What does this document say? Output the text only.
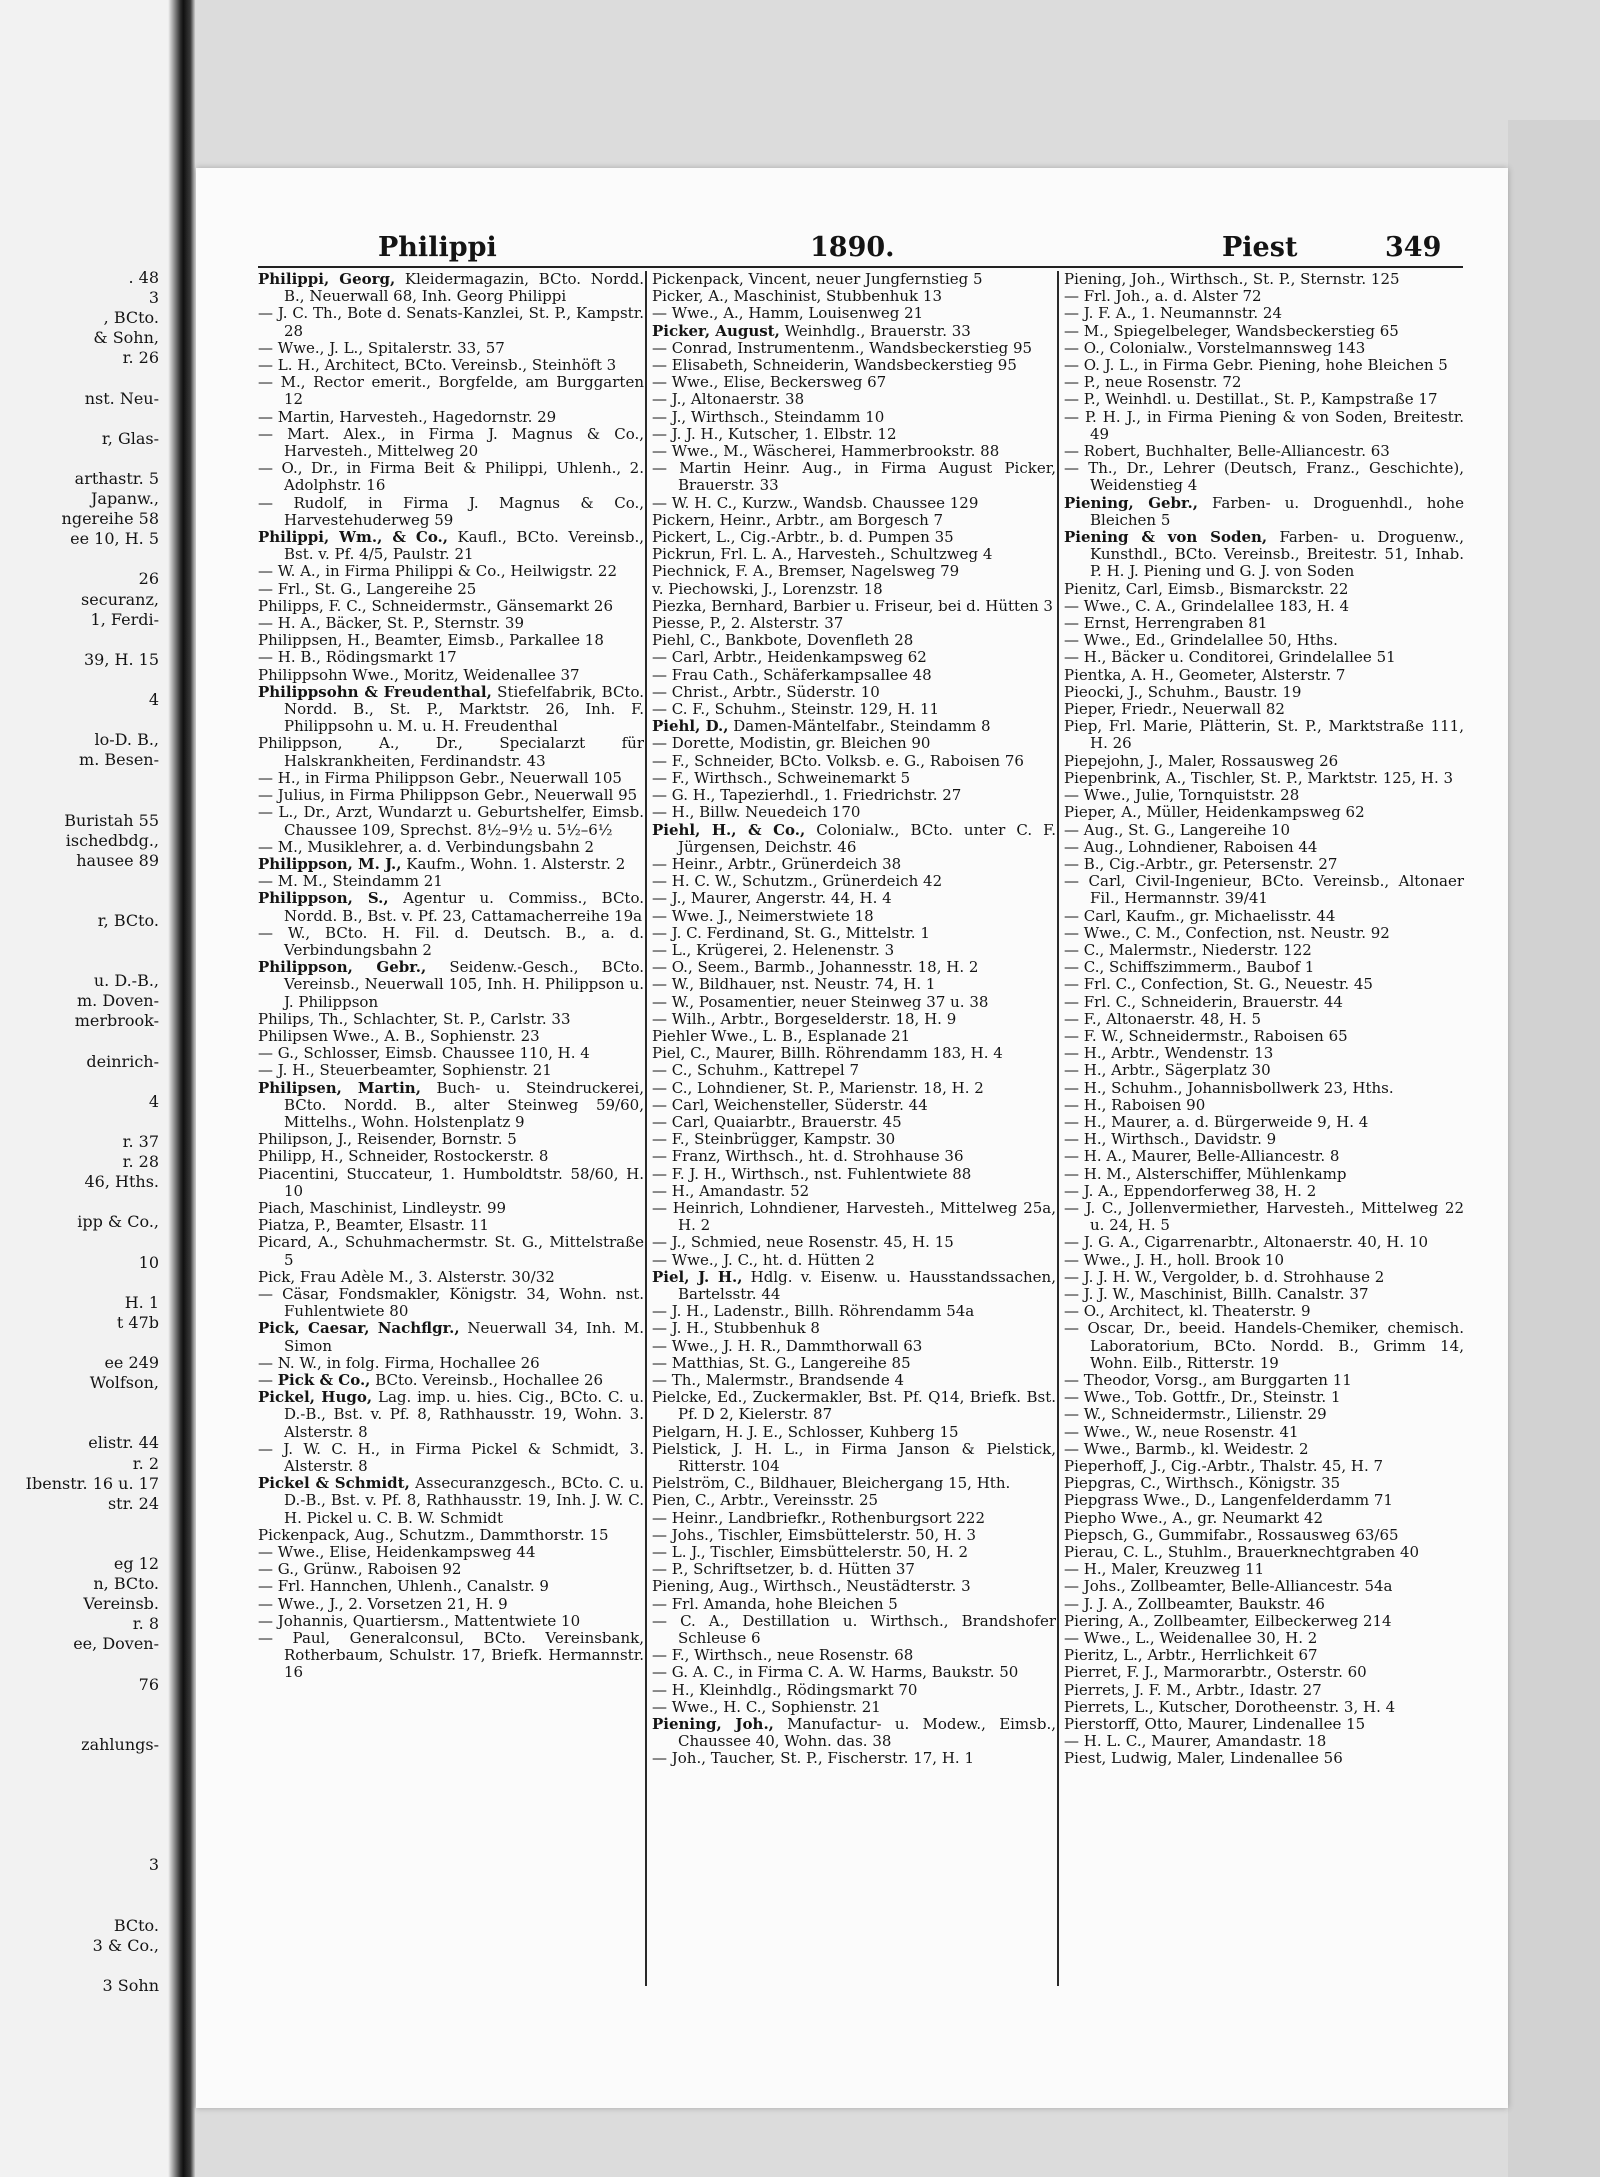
. 48
3
, BCto.
& Sohn,
r. 26

nst. Neu-

r, Glas-

arthastr. 5
Japanw.,
ngereihe 58
ee 10, H. 5

26
securanz,
1, Ferdi-

39, H. 15

4

lo-D. B.,
m. Besen-

Buristah 55
ischedbdg.,
hausee 89

r, BCto.

u. D.-B.,
m. Doven-
merbrook-

deinrich-

4

r. 37
r. 28
46, Hths.

ipp & Co.,

10

H. 1
t 47b

ee 249
Wolfson,

elistr. 44
r. 2
Ibenstr. 16 u. 17
str. 24

eg 12
n, BCto.
Vereinsb.
r. 8
ee, Doven-

76

zahlungs-

3

BCto.
3 & Co.,

3 Sohn

Philippi	1890.	Piest	349
Philippi, Georg, Kleidermagazin, BCto. Nordd. B., Neuerwall 68, Inh. Georg Philippi
— J. C. Th., Bote d. Senats-Kanzlei, St. P., Kampstr. 28
— Wwe., J. L., Spitalerstr. 33, 57
— L. H., Architect, BCto. Vereinsb., Steinhöft 3
— M., Rector emerit., Borgfelde, am Burggarten 12
— Martin, Harvesteh., Hagedornstr. 29
— Mart. Alex., in Firma J. Magnus & Co., Harvesteh., Mittelweg 20
— O., Dr., in Firma Beit & Philippi, Uhlenh., 2. Adolphstr. 16
— Rudolf, in Firma J. Magnus & Co., Harvestehuderweg 59
Philippi, Wm., & Co., Kaufl., BCto. Vereinsb., Bst. v. Pf. 4/5, Paulstr. 21
— W. A., in Firma Philippi & Co., Heilwigstr. 22
— Frl., St. G., Langereihe 25
Philipps, F. C., Schneidermstr., Gänsemarkt 26
— H. A., Bäcker, St. P., Sternstr. 39
Philippsen, H., Beamter, Eimsb., Parkallee 18
— H. B., Rödingsmarkt 17
Philippsohn Wwe., Moritz, Weidenallee 37
Philippsohn & Freudenthal, Stiefelfabrik, BCto. Nordd. B., St. P., Marktstr. 26, Inh. F. Philippsohn u. M. u. H. Freudenthal
Philippson, A., Dr., Specialarzt für Halskrankheiten, Ferdinandstr. 43
— H., in Firma Philippson Gebr., Neuerwall 105
— Julius, in Firma Philippson Gebr., Neuerwall 95
— L., Dr., Arzt, Wundarzt u. Geburtshelfer, Eimsb. Chaussee 109, Sprechst. 8½–9½ u. 5½–6½
— M., Musiklehrer, a. d. Verbindungsbahn 2
Philippson, M. J., Kaufm., Wohn. 1. Alsterstr. 2
— M. M., Steindamm 21
Philippson, S., Agentur u. Commiss., BCto. Nordd. B., Bst. v. Pf. 23, Cattamacherreihe 19a
— W., BCto. H. Fil. d. Deutsch. B., a. d. Verbindungsbahn 2
Philippson, Gebr., Seidenw.-Gesch., BCto. Vereinsb., Neuerwall 105, Inh. H. Philippson u. J. Philippson
Philips, Th., Schlachter, St. P., Carlstr. 33
Philipsen Wwe., A. B., Sophienstr. 23
— G., Schlosser, Eimsb. Chaussee 110, H. 4
— J. H., Steuerbeamter, Sophienstr. 21
Philipsen, Martin, Buch- u. Steindruckerei, BCto. Nordd. B., alter Steinweg 59/60, Mittelhs., Wohn. Holstenplatz 9
Philipson, J., Reisender, Bornstr. 5
Philipp, H., Schneider, Rostockerstr. 8
Piacentini, Stuccateur, 1. Humboldtstr. 58/60, H. 10
Piach, Maschinist, Lindleystr. 99
Piatza, P., Beamter, Elsastr. 11
Picard, A., Schuhmachermstr. St. G., Mittelstraße 5
Pick, Frau Adèle M., 3. Alsterstr. 30/32
— Cäsar, Fondsmakler, Königstr. 34, Wohn. nst. Fuhlentwiete 80
Pick, Caesar, Nachflgr., Neuerwall 34, Inh. M. Simon
— N. W., in folg. Firma, Hochallee 26
— Pick & Co., BCto. Vereinsb., Hochallee 26
Pickel, Hugo, Lag. imp. u. hies. Cig., BCto. C. u. D.-B., Bst. v. Pf. 8, Rathhausstr. 19, Wohn. 3. Alsterstr. 8
— J. W. C. H., in Firma Pickel & Schmidt, 3. Alsterstr. 8
Pickel & Schmidt, Assecuranzgesch., BCto. C. u. D.-B., Bst. v. Pf. 8, Rathhausstr. 19, Inh. J. W. C. H. Pickel u. C. B. W. Schmidt
Pickenpack, Aug., Schutzm., Dammthorstr. 15
— Wwe., Elise, Heidenkampsweg 44
— G., Grünw., Raboisen 92
— Frl. Hannchen, Uhlenh., Canalstr. 9
— Wwe., J., 2. Vorsetzen 21, H. 9
— Johannis, Quartiersm., Mattentwiete 10
— Paul, Generalconsul, BCto. Vereinsbank, Rotherbaum, Schulstr. 17, Briefk. Hermannstr. 16
Pickenpack, Vincent, neuer Jungfernstieg 5
Picker, A., Maschinist, Stubbenhuk 13
— Wwe., A., Hamm, Louisenweg 21
Picker, August, Weinhdlg., Brauerstr. 33
— Conrad, Instrumentenm., Wandsbeckerstieg 95
— Elisabeth, Schneiderin, Wandsbeckerstieg 95
— Wwe., Elise, Beckersweg 67
— J., Altonaerstr. 38
— J., Wirthsch., Steindamm 10
— J. J. H., Kutscher, 1. Elbstr. 12
— Wwe., M., Wäscherei, Hammerbrookstr. 88
— Martin Heinr. Aug., in Firma August Picker, Brauerstr. 33
— W. H. C., Kurzw., Wandsb. Chaussee 129
Pickern, Heinr., Arbtr., am Borgesch 7
Pickert, L., Cig.-Arbtr., b. d. Pumpen 35
Pickrun, Frl. L. A., Harvesteh., Schultzweg 4
Piechnick, F. A., Bremser, Nagelsweg 79
v. Piechowski, J., Lorenzstr. 18
Piezka, Bernhard, Barbier u. Friseur, bei d. Hütten 3
Piesse, P., 2. Alsterstr. 37
Piehl, C., Bankbote, Dovenfleth 28
— Carl, Arbtr., Heidenkampsweg 62
— Frau Cath., Schäferkampsallee 48
— Christ., Arbtr., Süderstr. 10
— C. F., Schuhm., Steinstr. 129, H. 11
Piehl, D., Damen-Mäntelfabr., Steindamm 8
— Dorette, Modistin, gr. Bleichen 90
— F., Schneider, BCto. Volksb. e. G., Raboisen 76
— F., Wirthsch., Schweinemarkt 5
— G. H., Tapezierhdl., 1. Friedrichstr. 27
— H., Billw. Neuedeich 170
Piehl, H., & Co., Colonialw., BCto. unter C. F. Jürgensen, Deichstr. 46
— Heinr., Arbtr., Grünerdeich 38
— H. C. W., Schutzm., Grünerdeich 42
— J., Maurer, Angerstr. 44, H. 4
— Wwe. J., Neimerstwiete 18
— J. C. Ferdinand, St. G., Mittelstr. 1
— L., Krügerei, 2. Helenenstr. 3
— O., Seem., Barmb., Johannesstr. 18, H. 2
— W., Bildhauer, nst. Neustr. 74, H. 1
— W., Posamentier, neuer Steinweg 37 u. 38
— Wilh., Arbtr., Borgeselderstr. 18, H. 9
Piehler Wwe., L. B., Esplanade 21
Piel, C., Maurer, Billh. Röhrendamm 183, H. 4
— C., Schuhm., Kattrepel 7
— C., Lohndiener, St. P., Marienstr. 18, H. 2
— Carl, Weichensteller, Süderstr. 44
— Carl, Quaiarbtr., Brauerstr. 45
— F., Steinbrügger, Kampstr. 30
— Franz, Wirthsch., ht. d. Strohhause 36
— F. J. H., Wirthsch., nst. Fuhlentwiete 88
— H., Amandastr. 52
— Heinrich, Lohndiener, Harvesteh., Mittelweg 25a, H. 2
— J., Schmied, neue Rosenstr. 45, H. 15
— Wwe., J. C., ht. d. Hütten 2
Piel, J. H., Hdlg. v. Eisenw. u. Hausstandssachen, Bartelsstr. 44
— J. H., Ladenstr., Billh. Röhrendamm 54a
— J. H., Stubbenhuk 8
— Wwe., J. H. R., Dammthorwall 63
— Matthias, St. G., Langereihe 85
— Th., Malermstr., Brandsende 4
Pielcke, Ed., Zuckermakler, Bst. Pf. Q14, Briefk. Bst. Pf. D 2, Kielerstr. 87
Pielgarn, H. J. E., Schlosser, Kuhberg 15
Pielstick, J. H. L., in Firma Janson & Pielstick, Ritterstr. 104
Pielström, C., Bildhauer, Bleichergang 15, Hth.
Pien, C., Arbtr., Vereinsstr. 25
— Heinr., Landbriefkr., Rothenburgsort 222
— Johs., Tischler, Eimsbüttelerstr. 50, H. 3
— L. J., Tischler, Eimsbüttelerstr. 50, H. 2
— P., Schriftsetzer, b. d. Hütten 37
Piening, Aug., Wirthsch., Neustädterstr. 3
— Frl. Amanda, hohe Bleichen 5
— C. A., Destillation u. Wirthsch., Brandshofer Schleuse 6
— F., Wirthsch., neue Rosenstr. 68
— G. A. C., in Firma C. A. W. Harms, Baukstr. 50
— H., Kleinhdlg., Rödingsmarkt 70
— Wwe., H. C., Sophienstr. 21
Piening, Joh., Manufactur- u. Modew., Eimsb., Chaussee 40, Wohn. das. 38
— Joh., Taucher, St. P., Fischerstr. 17, H. 1
Piening, Joh., Wirthsch., St. P., Sternstr. 125
— Frl. Joh., a. d. Alster 72
— J. F. A., 1. Neumannstr. 24
— M., Spiegelbeleger, Wandsbeckerstieg 65
— O., Colonialw., Vorstelmannsweg 143
— O. J. L., in Firma Gebr. Piening, hohe Bleichen 5
— P., neue Rosenstr. 72
— P., Weinhdl. u. Destillat., St. P., Kampstraße 17
— P. H. J., in Firma Piening & von Soden, Breitestr. 49
— Robert, Buchhalter, Belle-Alliancestr. 63
— Th., Dr., Lehrer (Deutsch, Franz., Geschichte), Weidenstieg 4
Piening, Gebr., Farben- u. Droguenhdl., hohe Bleichen 5
Piening & von Soden, Farben- u. Droguenw., Kunsthdl., BCto. Vereinsb., Breitestr. 51, Inhab. P. H. J. Piening und G. J. von Soden
Pienitz, Carl, Eimsb., Bismarckstr. 22
— Wwe., C. A., Grindelallee 183, H. 4
— Ernst, Herrengraben 81
— Wwe., Ed., Grindelallee 50, Hths.
— H., Bäcker u. Conditorei, Grindelallee 51
Pientka, A. H., Geometer, Alsterstr. 7
Pieocki, J., Schuhm., Baustr. 19
Pieper, Friedr., Neuerwall 82
Piep, Frl. Marie, Plätterin, St. P., Marktstraße 111, H. 26
Piepejohn, J., Maler, Rossausweg 26
Piepenbrink, A., Tischler, St. P., Marktstr. 125, H. 3
— Wwe., Julie, Tornquiststr. 28
Pieper, A., Müller, Heidenkampsweg 62
— Aug., St. G., Langereihe 10
— Aug., Lohndiener, Raboisen 44
— B., Cig.-Arbtr., gr. Petersenstr. 27
— Carl, Civil-Ingenieur, BCto. Vereinsb., Altonaer Fil., Hermannstr. 39/41
— Carl, Kaufm., gr. Michaelisstr. 44
— Wwe., C. M., Confection, nst. Neustr. 92
— C., Malermstr., Niederstr. 122
— C., Schiffszimmerm., Baubof 1
— Frl. C., Confection, St. G., Neuestr. 45
— Frl. C., Schneiderin, Brauerstr. 44
— F., Altonaerstr. 48, H. 5
— F. W., Schneidermstr., Raboisen 65
— H., Arbtr., Wendenstr. 13
— H., Arbtr., Sägerplatz 30
— H., Schuhm., Johannisbollwerk 23, Hths.
— H., Raboisen 90
— H., Maurer, a. d. Bürgerweide 9, H. 4
— H., Wirthsch., Davidstr. 9
— H. A., Maurer, Belle-Alliancestr. 8
— H. M., Alsterschiffer, Mühlenkamp
— J. A., Eppendorferweg 38, H. 2
— J. C., Jollenvermiether, Harvesteh., Mittelweg 22 u. 24, H. 5
— J. G. A., Cigarrenarbtr., Altonaerstr. 40, H. 10
— Wwe., J. H., holl. Brook 10
— J. J. H. W., Vergolder, b. d. Strohhause 2
— J. J. W., Maschinist, Billh. Canalstr. 37
— O., Architect, kl. Theaterstr. 9
— Oscar, Dr., beeid. Handels-Chemiker, chemisch. Laboratorium, BCto. Nordd. B., Grimm 14, Wohn. Eilb., Ritterstr. 19
— Theodor, Vorsg., am Burggarten 11
— Wwe., Tob. Gottfr., Dr., Steinstr. 1
— W., Schneidermstr., Lilienstr. 29
— Wwe., W., neue Rosenstr. 41
— Wwe., Barmb., kl. Weidestr. 2
Pieperhoff, J., Cig.-Arbtr., Thalstr. 45, H. 7
Piepgras, C., Wirthsch., Königstr. 35
Piepgrass Wwe., D., Langenfelderdamm 71
Piepho Wwe., A., gr. Neumarkt 42
Piepsch, G., Gummifabr., Rossausweg 63/65
Pierau, C. L., Stuhlm., Brauerknechtgraben 40
— H., Maler, Kreuzweg 11
— Johs., Zollbeamter, Belle-Alliancestr. 54a
— J. J. A., Zollbeamter, Baukstr. 46
Piering, A., Zollbeamter, Eilbeckerweg 214
— Wwe., L., Weidenallee 30, H. 2
Pieritz, L., Arbtr., Herrlichkeit 67
Pierret, F. J., Marmorarbtr., Osterstr. 60
Pierrets, J. F. M., Arbtr., Idastr. 27
Pierrets, L., Kutscher, Dorotheenstr. 3, H. 4
Pierstorff, Otto, Maurer, Lindenallee 15
— H. L. C., Maurer, Amandastr. 18
Piest, Ludwig, Maler, Lindenallee 56
